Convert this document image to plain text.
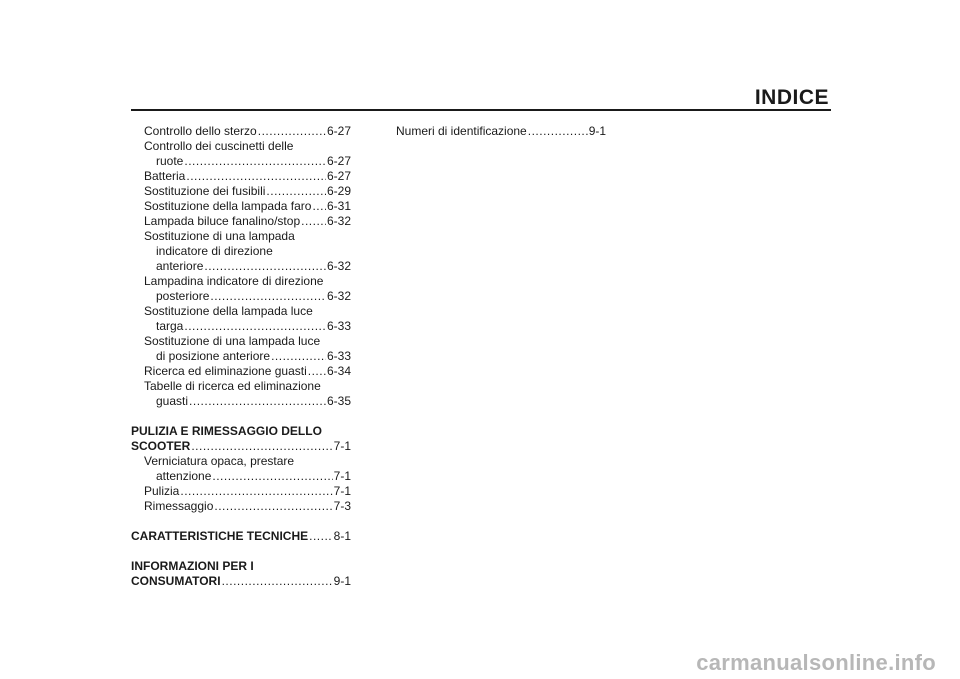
INDICE
Controllo dello sterzo .....	6-27
Controllo dei cuscinetti delle
ruote .....	6-27
Batteria .....	6-27
Sostituzione dei fusibili .....	6-29
Sostituzione della lampada faro ..... 6-31
Lampada biluce fanalino/stop ..... 6-32
Sostituzione di una lampada
indicatore di direzione
anteriore .....	6-32
Lampadina indicatore di direzione
posteriore .....	6-32
Sostituzione della lampada luce
targa .....	6-33
Sostituzione di una lampada luce
di posizione anteriore .....	6-33
Ricerca ed eliminazione guasti ..... 6-34
Tabelle di ricerca ed eliminazione
guasti .....	6-35
PULIZIA E RIMESSAGGIO DELLO
SCOOTER .....	7-1
Verniciatura opaca, prestare
attenzione .....	7-1
Pulizia .....	7-1
Rimessaggio .....	7-3
CARATTERISTICHE TECNICHE ..... 8-1
INFORMAZIONI PER I
CONSUMATORI .....	9-1
Numeri di identificazione .....	9-1
carmanualsonline.info
